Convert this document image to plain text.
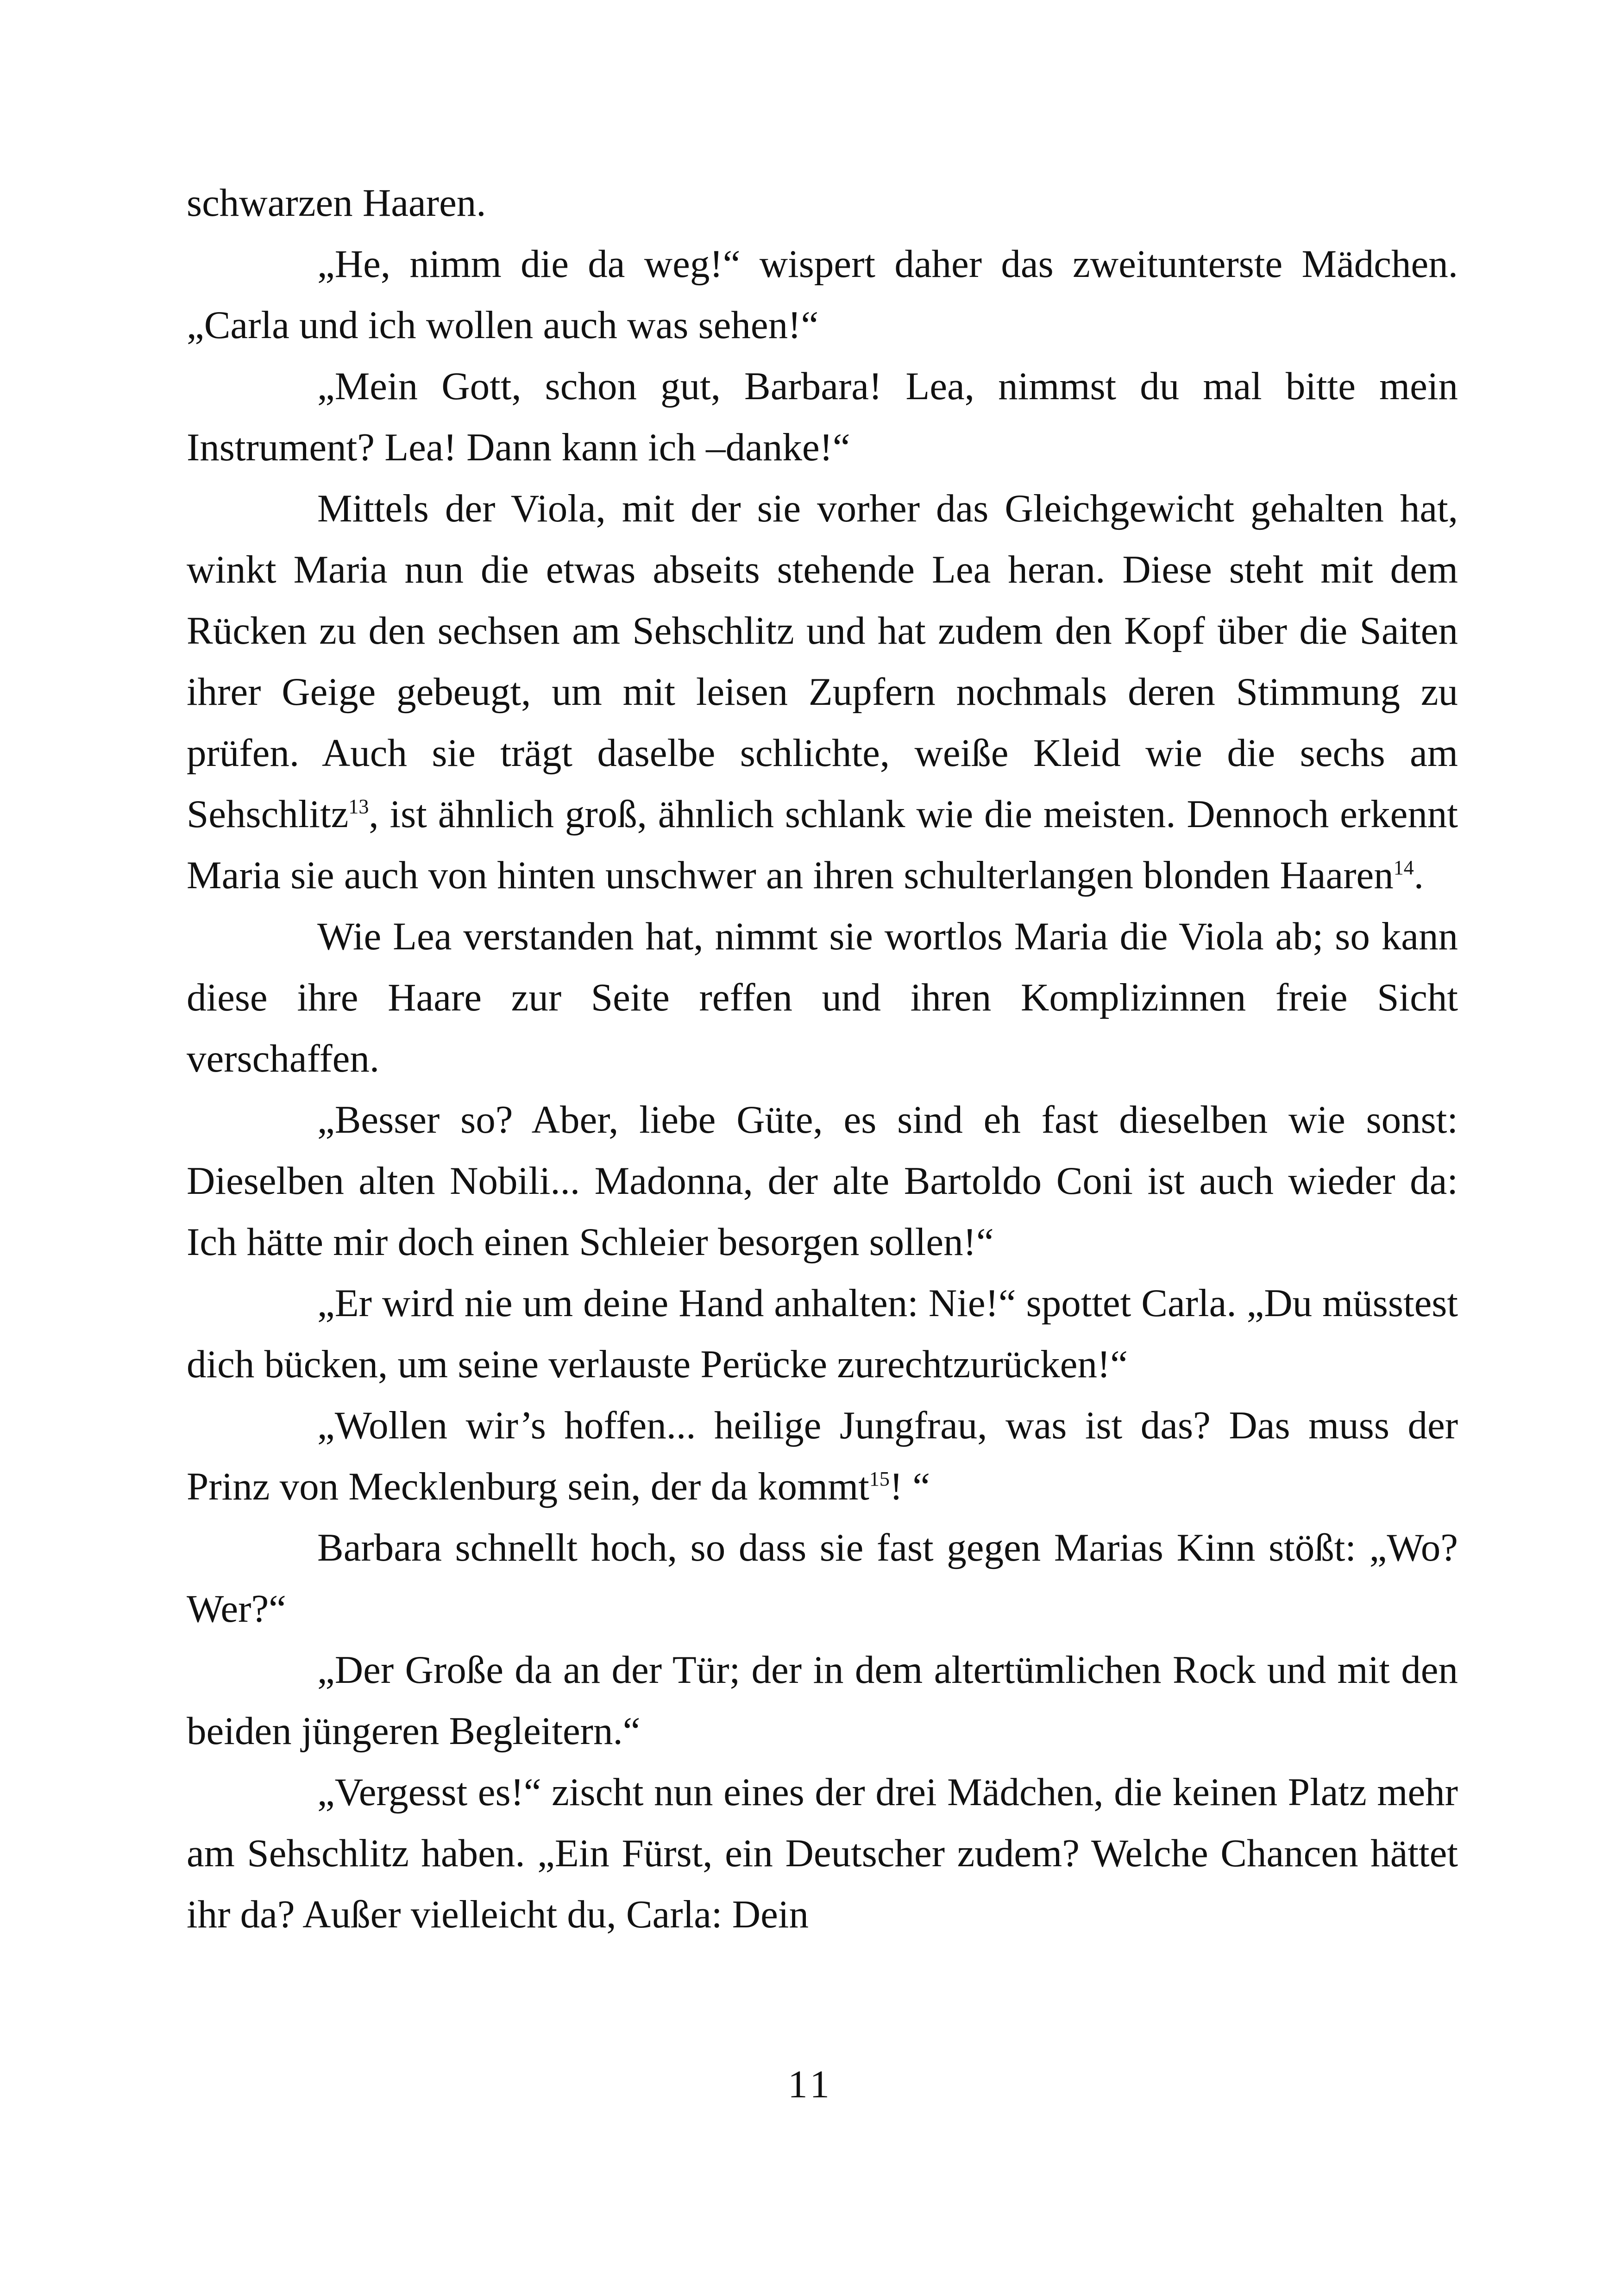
schwarzen Haaren.

„He, nimm die da weg!“ wispert daher das zweitunterste Mädchen. „Carla und ich wollen auch was sehen!“

„Mein Gott, schon gut, Barbara! Lea, nimmst du mal bitte mein Instrument? Lea! Dann kann ich –danke!“

Mittels der Viola, mit der sie vorher das Gleichgewicht gehalten hat, winkt Maria nun die etwas abseits stehende Lea heran. Diese steht mit dem Rücken zu den sechsen am Sehschlitz und hat zudem den Kopf über die Saiten ihrer Geige gebeugt, um mit leisen Zupfern nochmals deren Stimmung zu prüfen. Auch sie trägt daselbe schlichte, weiße Kleid wie die sechs am Sehschlitz$^{13}$, ist ähnlich groß, ähnlich schlank wie die meisten. Dennoch erkennt Maria sie auch von hinten unschwer an ihren schulterlangen blonden Haaren$^{14}$.

Wie Lea verstanden hat, nimmt sie wortlos Maria die Viola ab; so kann diese ihre Haare zur Seite reffen und ihren Komplizinnen freie Sicht verschaffen.

„Besser so? Aber, liebe Güte, es sind eh fast dieselben wie sonst: Dieselben alten Nobili... Madonna, der alte Bartoldo Coni ist auch wieder da: Ich hätte mir doch einen Schleier besorgen sollen!“

„Er wird nie um deine Hand anhalten: Nie!“ spottet Carla. „Du müsstest dich bücken, um seine verlauste Perücke zurechtzurücken!“

„Wollen wir’s hoffen... heilige Jungfrau, was ist das? Das muss der Prinz von Mecklenburg sein, der da kommt$^{15}$! “

Barbara schnellt hoch, so dass sie fast gegen Marias Kinn stößt: „Wo? Wer?“

„Der Große da an der Tür; der in dem altertümlichen Rock und mit den beiden jüngeren Begleitern.“

„Vergesst es!“ zischt nun eines der drei Mädchen, die keinen Platz mehr am Sehschlitz haben. „Ein Fürst, ein Deutscher zudem? Welche Chancen hättet ihr da? Außer vielleicht du, Carla: Dein

11
